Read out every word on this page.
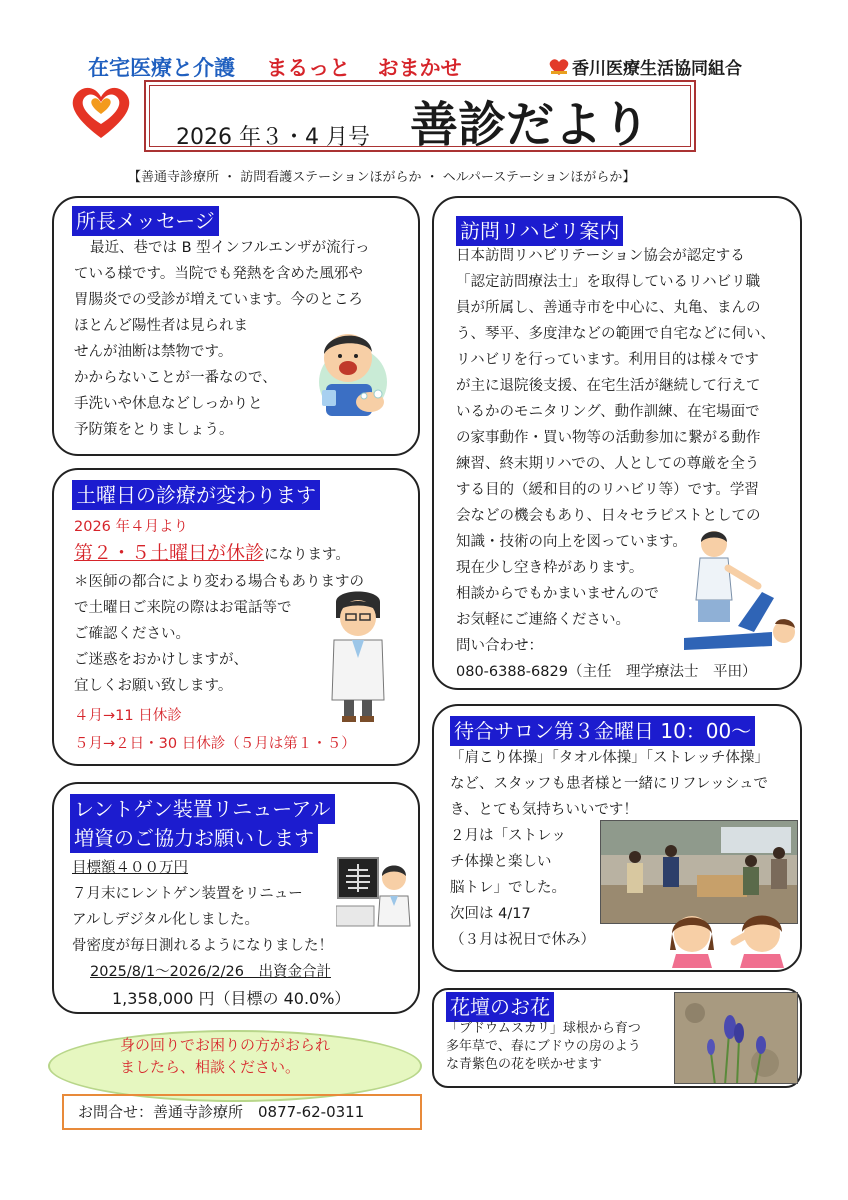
在宅医療と介護 まるっと おまかせ	香川医療生活協同組合
2026 年３・4 月号 善診だより
【善通寺診療所 ・ 訪問看護ステーションほがらか ・ ヘルパーステーションほがらか】
所長メッセージ
最近、巷では B 型インフルエンザが流行っ
ている様です。当院でも発熱を含めた風邪や
胃腸炎での受診が増えています。今のところ
ほとんど陽性者は見られま
せんが油断は禁物です。
かからないことが一番なので、
手洗いや休息などしっかりと
予防策をとりましょう。
土曜日の診療が変わります
2026 年４月より
第２・５土曜日が休診になります。
＊医師の都合により変わる場合もありますの
で土曜日ご来院の際はお電話等で
ご確認ください。
ご迷惑をおかけしますが、
宜しくお願い致します。
４月→11 日休診
５月→２日・30 日休診（５月は第１・５）
レントゲン装置リニューアル
増資のご協力お願いします
目標額４００万円
７月末にレントゲン装置をリニュー
アルしデジタル化しました。
骨密度が毎日測れるようになりました！
2025/8/1～2026/2/26　出資金合計
1,358,000 円（目標の 40.0%）
身の回りでお困りの方がおられ
ましたら、相談ください。
お問合せ：善通寺診療所　0877-62-0311
訪問リハビリ案内
日本訪問リハビリテーション協会が認定する
「認定訪問療法士」を取得しているリハビリ職
員が所属し、善通寺市を中心に、丸亀、まんの
う、琴平、多度津などの範囲で自宅などに伺い、
リハビリを行っています。利用目的は様々です
が主に退院後支援、在宅生活が継続して行えて
いるかのモニタリング、動作訓練、在宅場面で
の家事動作・買い物等の活動参加に繋がる動作
練習、終末期リハでの、人としての尊厳を全う
する目的（緩和目的のリハビリ等）です。学習
会などの機会もあり、日々セラピストとしての
知識・技術の向上を図っています。
現在少し空き枠があります。
相談からでもかまいませんので
お気軽にご連絡ください。
問い合わせ：
080-6388-6829（主任　理学療法士　平田）
待合サロン第３金曜日 10：00～
「肩こり体操」「タオル体操」「ストレッチ体操」
など、スタッフも患者様と一緒にリフレッシュで
き、とても気持ちいいです！
２月は「ストレッ
チ体操と楽しい
脳トレ」でした。
次回は 4/17
（３月は祝日で休み）
花壇のお花
「ブドウムスカリ」球根から育つ
多年草で、春にブドウの房のよう
な青紫色の花を咲かせます
